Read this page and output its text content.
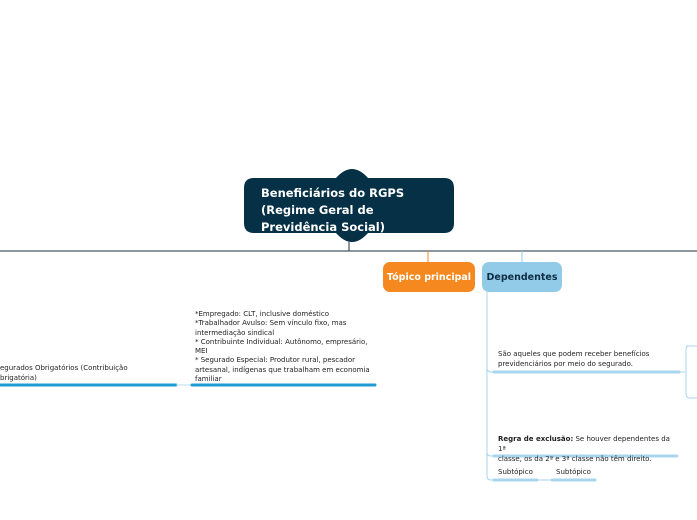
Beneficiários do RGPS
(Regime Geral de
Previdência Social)
Tópico principal Dependentes
egurados Obrigatórios (Contribuição
brigatória)
*Empregado: CLT, inclusive doméstico
*Trabalhador Avulso: Sem vínculo fixo, mas
intermediação sindical
* Contribuinte Individual: Autônomo, empresário,
MEI
* Segurado Especial: Produtor rural, pescador
artesanal, indígenas que trabalham em economia
familiar
São aqueles que podem receber benefícios
previdenciários por meio do segurado.
Regra de exclusão: Se houver dependentes da 1ª
classe, os da 2ª e 3ª classe não têm direito.
Subtópico	Subtópico
